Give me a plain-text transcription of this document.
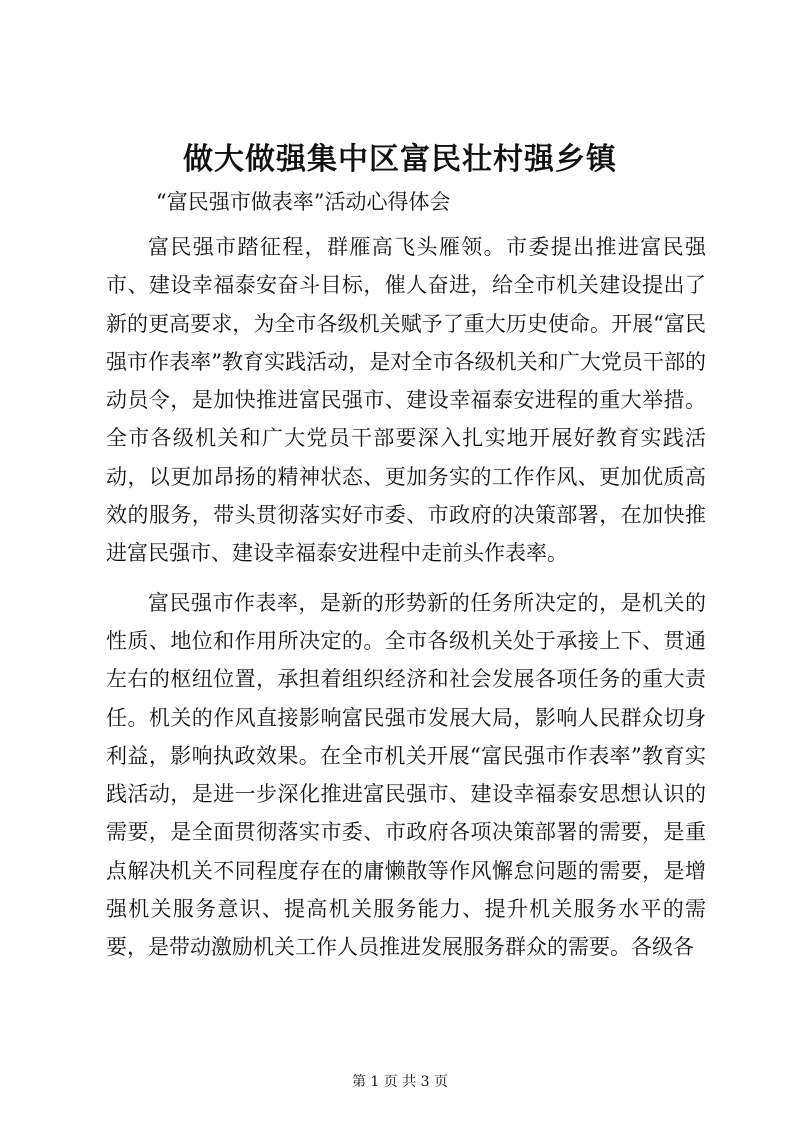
做大做强集中区富民壮村强乡镇

“富民强市做表率”活动心得体会

富民强市踏征程，群雁高飞头雁领。市委提出推进富民强市、建设幸福泰安奋斗目标，催人奋进，给全市机关建设提出了新的更高要求，为全市各级机关赋予了重大历史使命。开展“富民强市作表率”教育实践活动，是对全市各级机关和广大党员干部的动员令，是加快推进富民强市、建设幸福泰安进程的重大举措。全市各级机关和广大党员干部要深入扎实地开展好教育实践活动，以更加昂扬的精神状态、更加务实的工作作风、更加优质高效的服务，带头贯彻落实好市委、市政府的决策部署，在加快推进富民强市、建设幸福泰安进程中走前头作表率。

富民强市作表率，是新的形势新的任务所决定的，是机关的性质、地位和作用所决定的。全市各级机关处于承接上下、贯通左右的枢纽位置，承担着组织经济和社会发展各项任务的重大责任。机关的作风直接影响富民强市发展大局，影响人民群众切身利益，影响执政效果。在全市机关开展“富民强市作表率”教育实践活动，是进一步深化推进富民强市、建设幸福泰安思想认识的需要，是全面贯彻落实市委、市政府各项决策部署的需要，是重点解决机关不同程度存在的庸懒散等作风懈怠问题的需要，是增强机关服务意识、提高机关服务能力、提升机关服务水平的需要，是带动激励机关工作人员推进发展服务群众的需要。各级各

第 1 页 共 3 页
